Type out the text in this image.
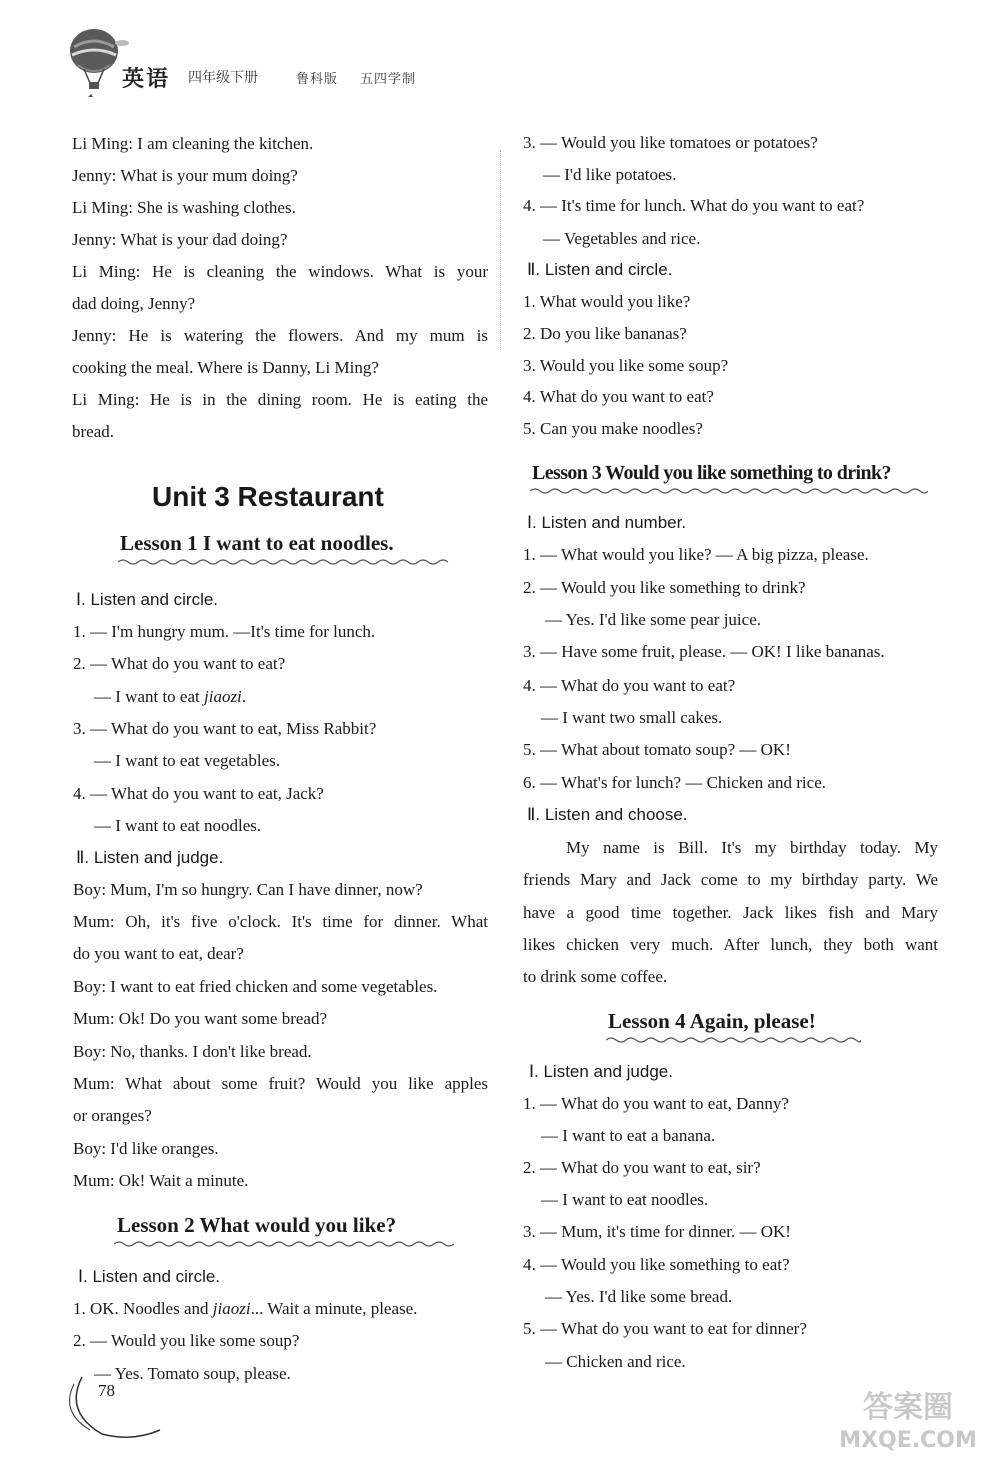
英语 四年级下册	鲁科版 五四学制
Li Ming: I am cleaning the kitchen.
Jenny: What is your mum doing?
Li Ming: She is washing clothes.
Jenny: What is your dad doing?
Li Ming: He is cleaning the windows. What is your
dad doing, Jenny?
Jenny: He is watering the flowers. And my mum is
cooking the meal. Where is Danny, Li Ming?
Li Ming: He is in the dining room. He is eating the
bread.
Unit 3 Restaurant
Lesson 1 I want to eat noodles.
Ⅰ. Listen and circle.
1. — I'm hungry mum. —It's time for lunch.
2. — What do you want to eat?
— I want to eat jiaozi.
3. — What do you want to eat, Miss Rabbit?
— I want to eat vegetables.
4. — What do you want to eat, Jack?
— I want to eat noodles.
Ⅱ. Listen and judge.
Boy: Mum, I'm so hungry. Can I have dinner, now?
Mum: Oh, it's five o'clock. It's time for dinner. What
do you want to eat, dear?
Boy: I want to eat fried chicken and some vegetables.
Mum: Ok! Do you want some bread?
Boy: No, thanks. I don't like bread.
Mum: What about some fruit? Would you like apples
or oranges?
Boy: I'd like oranges.
Mum: Ok! Wait a minute.
Lesson 2 What would you like?
Ⅰ. Listen and circle.
1. OK. Noodles and jiaozi... Wait a minute, please.
2. — Would you like some soup?
— Yes. Tomato soup, please.
3. — Would you like tomatoes or potatoes?
— I'd like potatoes.
4. — It's time for lunch. What do you want to eat?
— Vegetables and rice.
Ⅱ. Listen and circle.
1. What would you like?
2. Do you like bananas?
3. Would you like some soup?
4. What do you want to eat?
5. Can you make noodles?
Lesson 3 Would you like something to drink?
Ⅰ. Listen and number.
1. — What would you like? — A big pizza, please.
2. — Would you like something to drink?
— Yes. I'd like some pear juice.
3. — Have some fruit, please. — OK! I like bananas.
4. — What do you want to eat?
— I want two small cakes.
5. — What about tomato soup? — OK!
6. — What's for lunch? — Chicken and rice.
Ⅱ. Listen and choose.
My name is Bill. It's my birthday today. My
friends Mary and Jack come to my birthday party. We
have a good time together. Jack likes fish and Mary
likes chicken very much. After lunch, they both want
to drink some coffee.
Lesson 4 Again, please!
Ⅰ. Listen and judge.
1. — What do you want to eat, Danny?
— I want to eat a banana.
2. — What do you want to eat, sir?
— I want to eat noodles.
3. — Mum, it's time for dinner. — OK!
4. — Would you like something to eat?
— Yes. I'd like some bread.
5. — What do you want to eat for dinner?
— Chicken and rice.
78	答案圈
MXQE.COM
